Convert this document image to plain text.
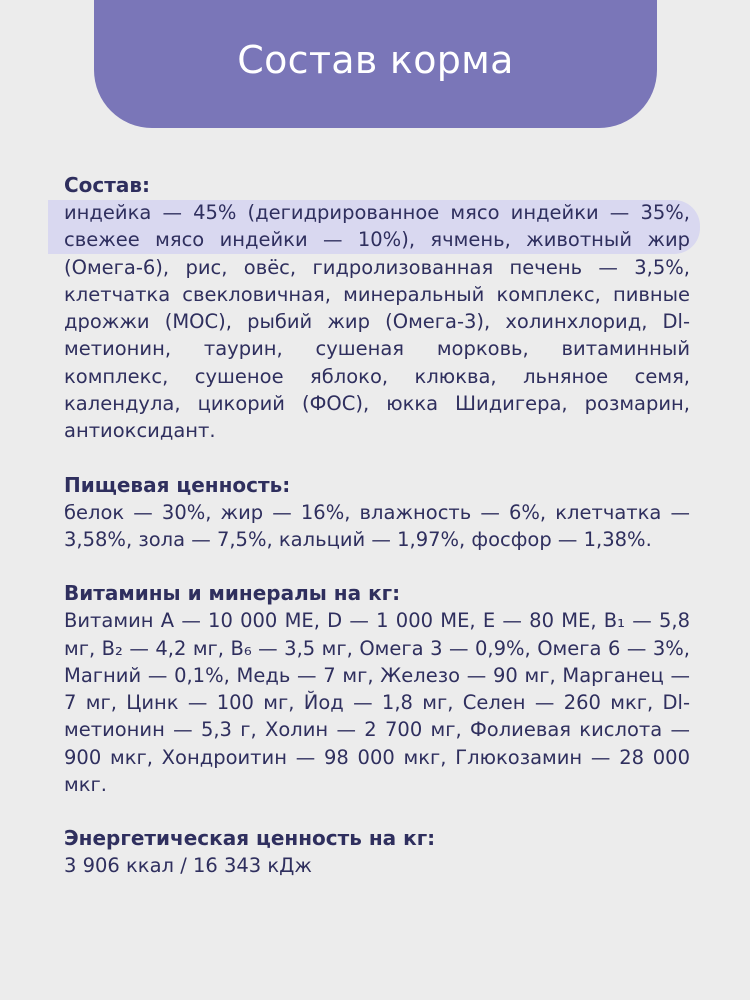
Состав корма
Состав:
индейка — 45% (дегидрированное мясо индейки — 35%, свежее мясо индейки — 10%), ячмень, животный жир (Омега-6), рис, овёс, гидролизованная печень — 3,5%, клетчатка свекловичная, минеральный комплекс, пивные дрожжи (МОС), рыбий жир (Омега-3), холинхлорид, Dl-метионин, таурин, сушеная морковь, витаминный комплекс, сушеное яблоко, клюква, льняное семя, календула, цикорий (ФОС), юкка Шидигера, розмарин, антиоксидант.
Пищевая ценность:
белок — 30%, жир — 16%, влажность — 6%, клетчатка — 3,58%, зола — 7,5%, кальций — 1,97%, фосфор — 1,38%.
Витамины и минералы на кг:
Витамин А — 10 000 МЕ, D — 1 000 МЕ, Е — 80 МЕ, B₁ — 5,8 мг, B₂ — 4,2 мг, B₆ — 3,5 мг, Омега 3 — 0,9%, Омега 6 — 3%, Магний — 0,1%, Медь — 7 мг, Железо — 90 мг, Марганец — 7 мг, Цинк — 100 мг, Йод — 1,8 мг, Селен — 260 мкг, Dl-метионин — 5,3 г, Холин — 2 700 мг, Фолиевая кислота — 900 мкг, Хондроитин — 98 000 мкг, Глюкозамин — 28 000 мкг.
Энергетическая ценность на кг:
3 906 ккал / 16 343 кДж
